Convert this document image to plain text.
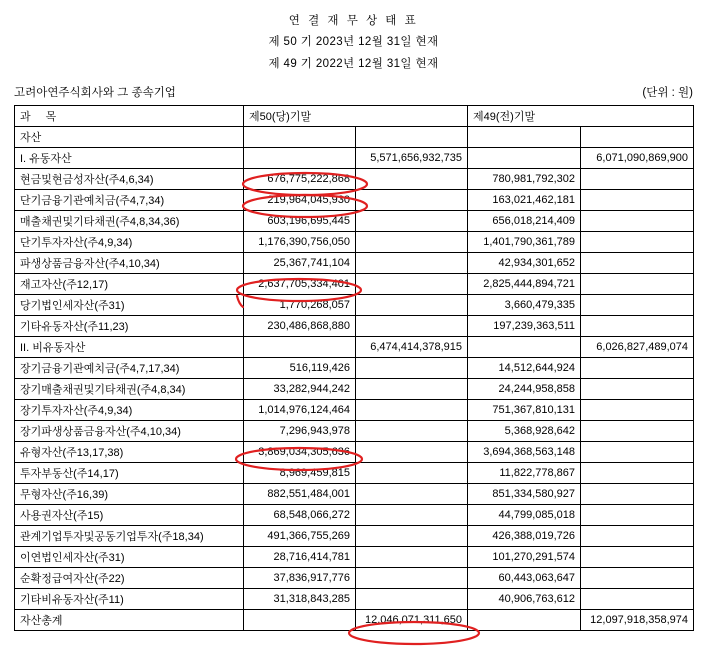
연 결 재 무 상 태 표
제 50 기 2023년 12월 31일 현재
제 49 기 2022년 12월 31일 현재
고려아연주식회사와 그 종속기업	(단위 : 원)
과 목	제50(당)기말		제49(전)기말	
자산				
I. 유동자산		5,571,656,932,735		6,071,090,869,900
현금및현금성자산(주4,6,34)	676,775,222,868		780,981,792,302	
단기금융기관예치금(주4,7,34)	219,964,045,930		163,021,462,181	
매출채권및기타채권(주4,8,34,36)	603,196,695,445		656,018,214,409	
단기투자자산(주4,9,34)	1,176,390,756,050		1,401,790,361,789	
파생상품금융자산(주4,10,34)	25,367,741,104		42,934,301,652	
재고자산(주12,17)	2,637,705,334,401		2,825,444,894,721	
당기법인세자산(주31)	1,770,268,057		3,660,479,335	
기타유동자산(주11,23)	230,486,868,880		197,239,363,511	
II. 비유동자산		6,474,414,378,915		6,026,827,489,074
장기금융기관예치금(주4,7,17,34)	516,119,426		14,512,644,924	
장기매출채권및기타채권(주4,8,34)	33,282,944,242		24,244,958,858	
장기투자자산(주4,9,34)	1,014,976,124,464		751,367,810,131	
장기파생상품금융자산(주4,10,34)	7,296,943,978		5,368,928,642	
유형자산(주13,17,38)	3,869,034,305,636		3,694,368,563,148	
투자부동산(주14,17)	8,969,459,815		11,822,778,867	
무형자산(주16,39)	882,551,484,001		851,334,580,927	
사용권자산(주15)	68,548,066,272		44,799,085,018	
관계기업투자및공동기업투자(주18,34)	491,366,755,269		426,388,019,726	
이연법인세자산(주31)	28,716,414,781		101,270,291,574	
순확정급여자산(주22)	37,836,917,776		60,443,063,647	
기타비유동자산(주11)	31,318,843,285		40,906,763,612	
자산총계		12,046,071,311,650		12,097,918,358,974
